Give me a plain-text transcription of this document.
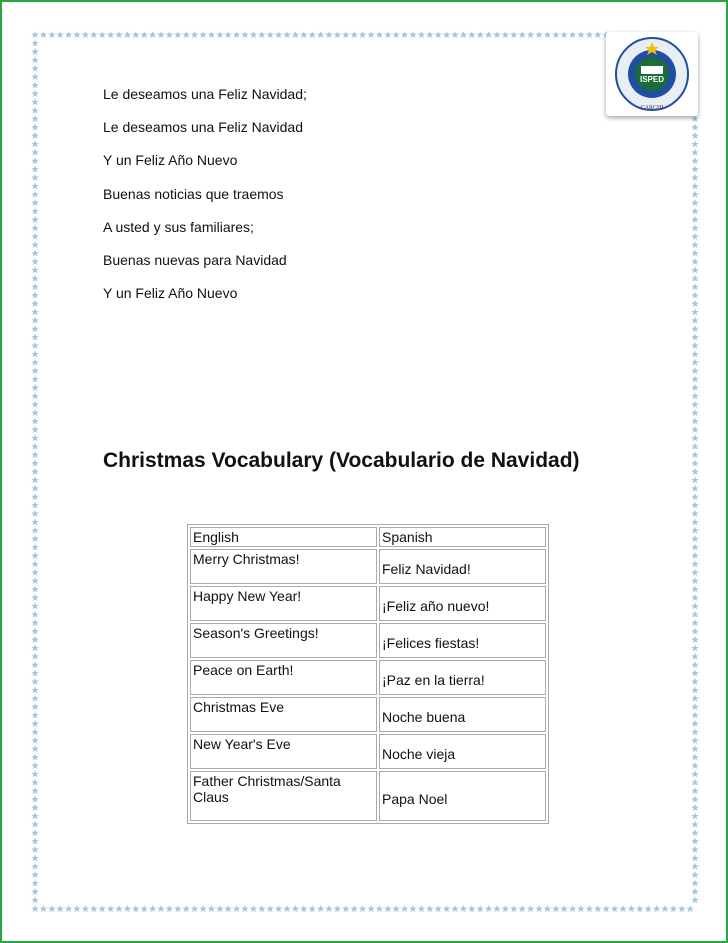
ISPED
CARCHI
Le deseamos una Feliz Navidad;
Le deseamos una Feliz Navidad
Y un Feliz Año Nuevo
Buenas noticias que traemos
A usted y sus familiares;
Buenas nuevas para Navidad
Y un Feliz Año Nuevo
Christmas Vocabulary (Vocabulario de Navidad)
English	Spanish
Merry Christmas!	Feliz Navidad!
Happy New Year!	¡Feliz año nuevo!
Season's Greetings!	¡Felices fiestas!
Peace on Earth!	¡Paz en la tierra!
Christmas Eve	Noche buena
New Year's Eve	Noche vieja
Father Christmas/Santa Claus	Papa Noel
